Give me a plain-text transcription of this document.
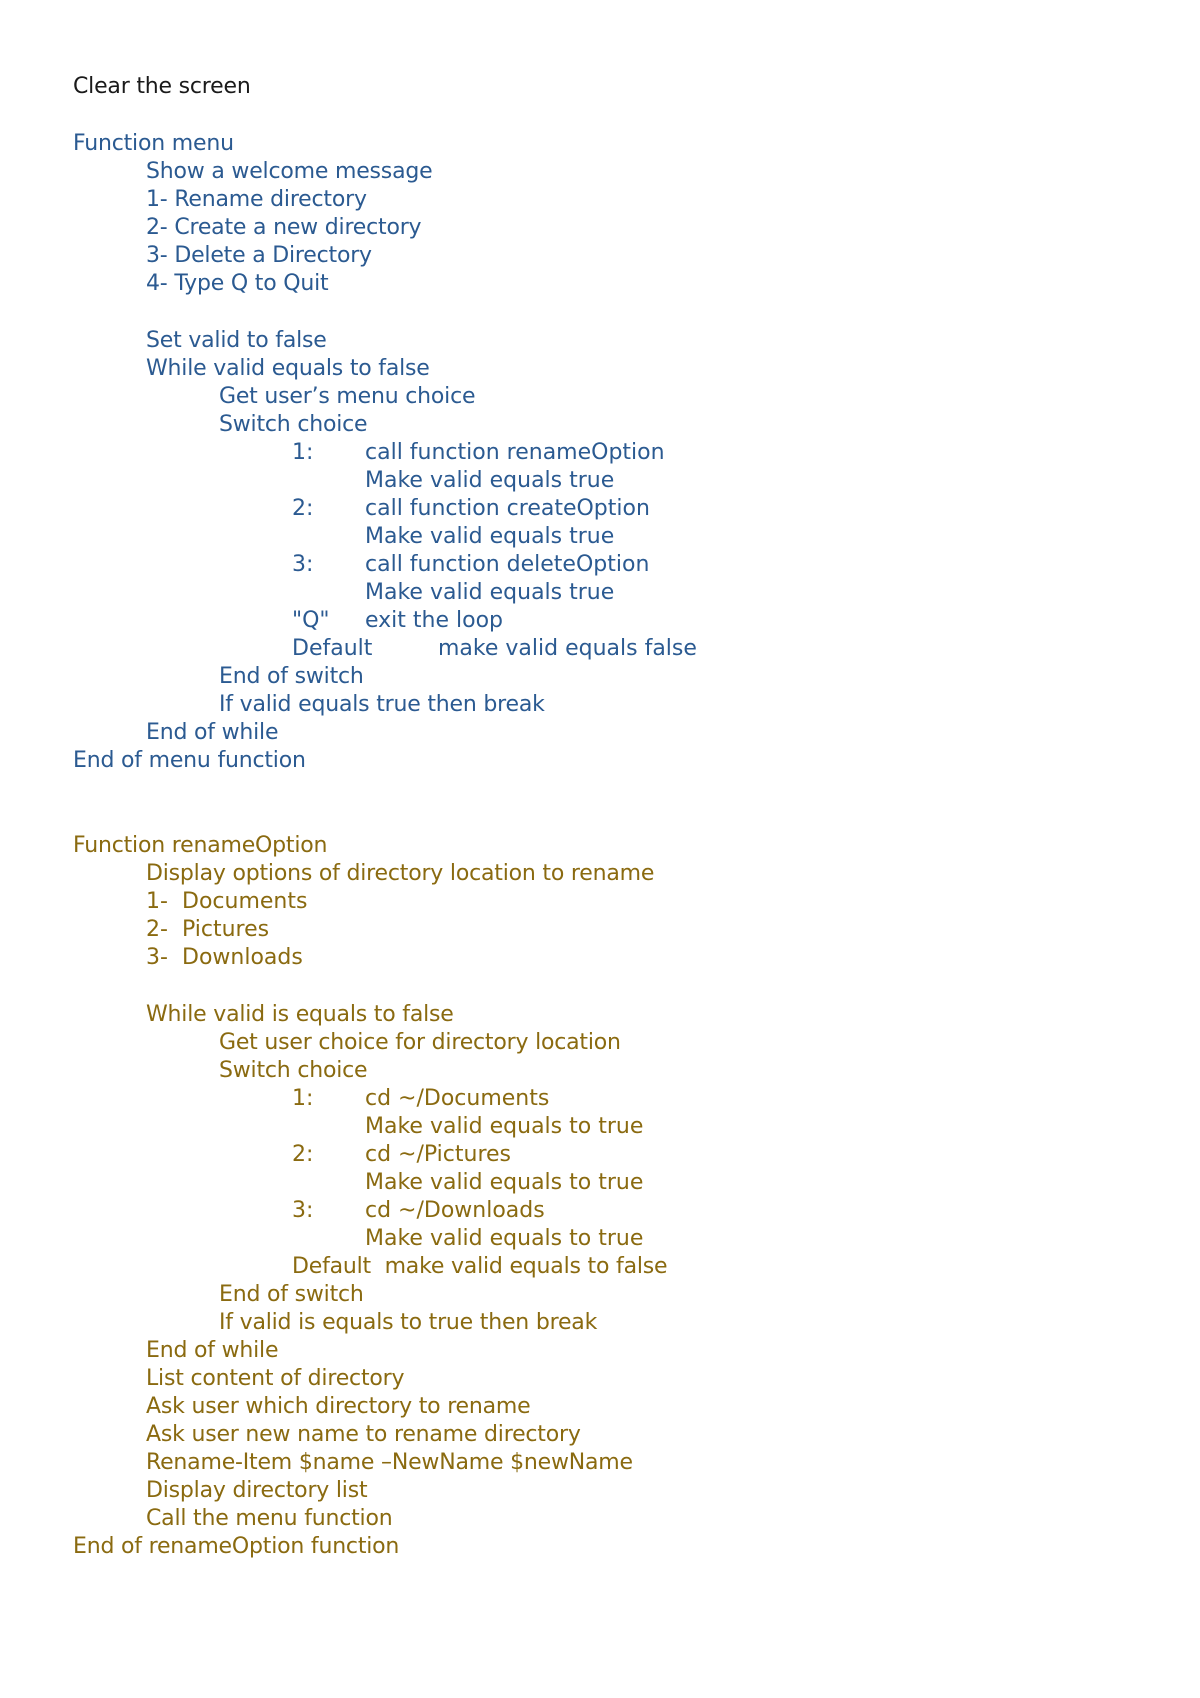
Clear the screen
Function menu
Show a welcome message
1- Rename directory
2- Create a new directory
3- Delete a Directory
4- Type Q to Quit
Set valid to false
While valid equals to false
Get user’s menu choice
Switch choice
1: call function renameOption
Make valid equals true
2: call function createOption
Make valid equals true
3: call function deleteOption
Make valid equals true
"Q" exit the loop
Default	make valid equals false
End of switch
If valid equals true then break
End of while
End of menu function
Function renameOption
Display options of directory location to rename
1- Documents
2- Pictures
3- Downloads
While valid is equals to false
Get user choice for directory location
Switch choice
1: cd ~/Documents
Make valid equals to true
2: cd ~/Pictures
Make valid equals to true
3: cd ~/Downloads
Make valid equals to true
Default  make valid equals to false
End of switch
If valid is equals to true then break
End of while
List content of directory
Ask user which directory to rename
Ask user new name to rename directory
Rename-Item $name –NewName $newName
Display directory list
Call the menu function
End of renameOption function
